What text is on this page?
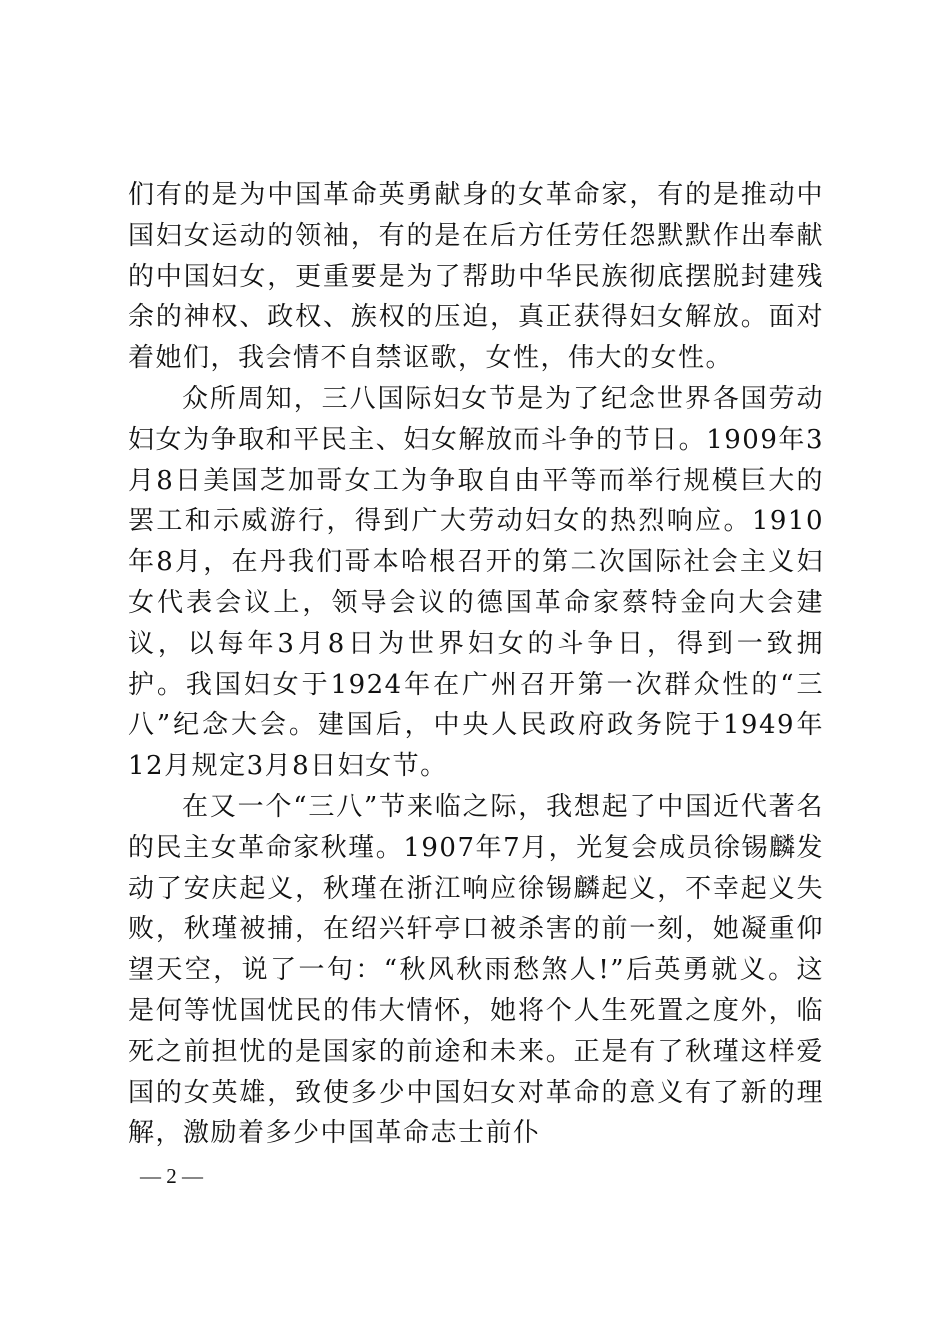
们有的是为中国革命英勇献身的女革命家，有的是推动中国妇女运动的领袖，有的是在后方任劳任怨默默作出奉献的中国妇女，更重要是为了帮助中华民族彻底摆脱封建残余的神权、政权、族权的压迫，真正获得妇女解放。面对着她们，我会情不自禁讴歌，女性，伟大的女性。

众所周知，三八国际妇女节是为了纪念世界各国劳动妇女为争取和平民主、妇女解放而斗争的节日。1909年3月8日美国芝加哥女工为争取自由平等而举行规模巨大的罢工和示威游行，得到广大劳动妇女的热烈响应。1910年8月，在丹我们哥本哈根召开的第二次国际社会主义妇女代表会议上，领导会议的德国革命家蔡特金向大会建议，以每年3月8日为世界妇女的斗争日，得到一致拥护。我国妇女于1924年在广州召开第一次群众性的“三八”纪念大会。建国后，中央人民政府政务院于1949年12月规定3月8日妇女节。

在又一个“三八”节来临之际，我想起了中国近代著名的民主女革命家秋瑾。1907年7月，光复会成员徐锡麟发动了安庆起义，秋瑾在浙江响应徐锡麟起义，不幸起义失败，秋瑾被捕，在绍兴轩亭口被杀害的前一刻，她凝重仰望天空，说了一句：“秋风秋雨愁煞人!”后英勇就义。这是何等忧国忧民的伟大情怀，她将个人生死置之度外，临死之前担忧的是国家的前途和未来。正是有了秋瑾这样爱国的女英雄，致使多少中国妇女对革命的意义有了新的理解，激励着多少中国革命志士前仆

— 2 —
